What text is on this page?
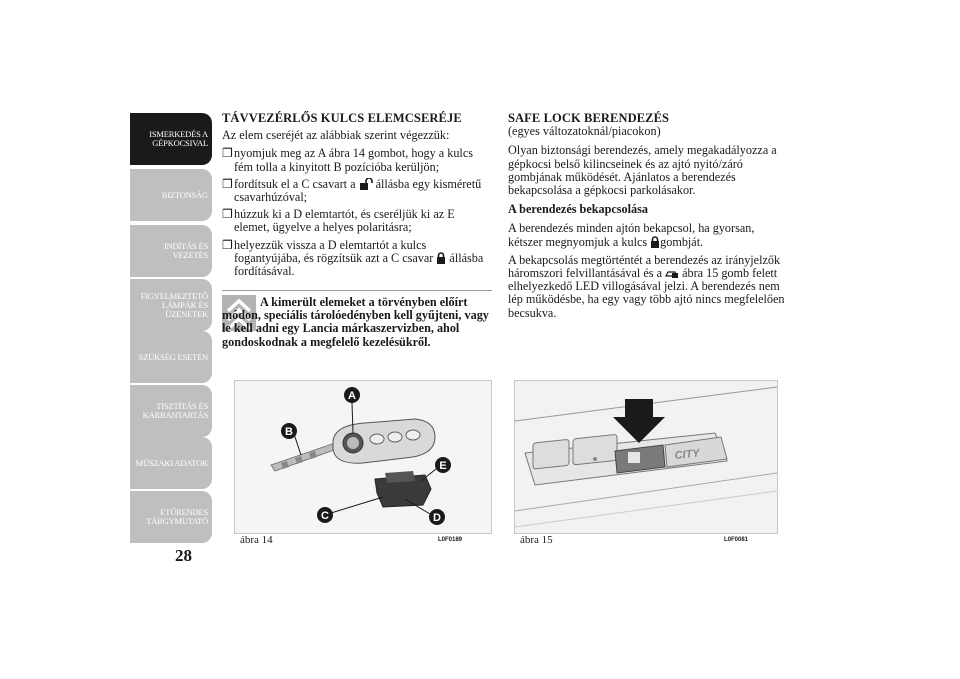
ISMERKEDÉS A
GÉPKOCSIVAL
BIZTONSÁG
INDÍTÁS ÉS
VEZETÉS
FIGYELMEZTETŐ
LÁMPÁK ÉS
ÜZENETEK
SZÜKSÉG ESETÉN
TISZTÍTÁS ÉS
KARBANTARTÁS
MŰSZAKI ADATOK
ETŰRENDES
TÁRGYMUTATÓ
28
TÁVVEZÉRLŐS KULCS ELEMCSERÉJE

Az elem cseréjét az alábbiak szerint végezzük:

❒ nyomjuk meg az A ábra 14 gombot, hogy a kulcs fém tolla a kinyitott B pozícióba kerüljön;
❒ fordítsuk el a C csavart a állásba egy kisméretű csavarhúzóval;
❒ húzzuk ki a D elemtartót, és cseréljük ki az E elemet, ügyelve a helyes polaritásra;
❒ helyezzük vissza a D elemtartót a kulcs fogantyújába, és rögzítsük azt a C csavar állásba fordításával.
A kimerült elemeket a törvényben előírt módon, speciális tárolóedényben kell gyűjteni, vagy le kell adni egy Lancia márkaszervizben, ahol gondoskodnak a megfelelő kezelésükről.
SAFE LOCK BERENDEZÉS

(egyes változatoknál/piacokon)

Olyan biztonsági berendezés, amely megakadályozza a gépkocsi belső kilincseinek és az ajtó nyitó/záró gombjának működését. Ajánlatos a berendezés bekapcsolása a gépkocsi parkolásakor.

A berendezés bekapcsolása

A berendezés minden ajtón bekapcsol, ha gyorsan, kétszer megnyomjuk a kulcs gombját.

A bekapcsolás megtörténtét a berendezés az irányjelzők háromszori felvillantásával és a ábra 15 gomb felett elhelyezkedő LED villogásával jelzi. A berendezés nem lép működésbe, ha egy vagy több ajtó nincs megfelelően becsukva.

A
B
C	D
E
ábra 14	L0F0189
CITY
ábra 15	L0F0081
